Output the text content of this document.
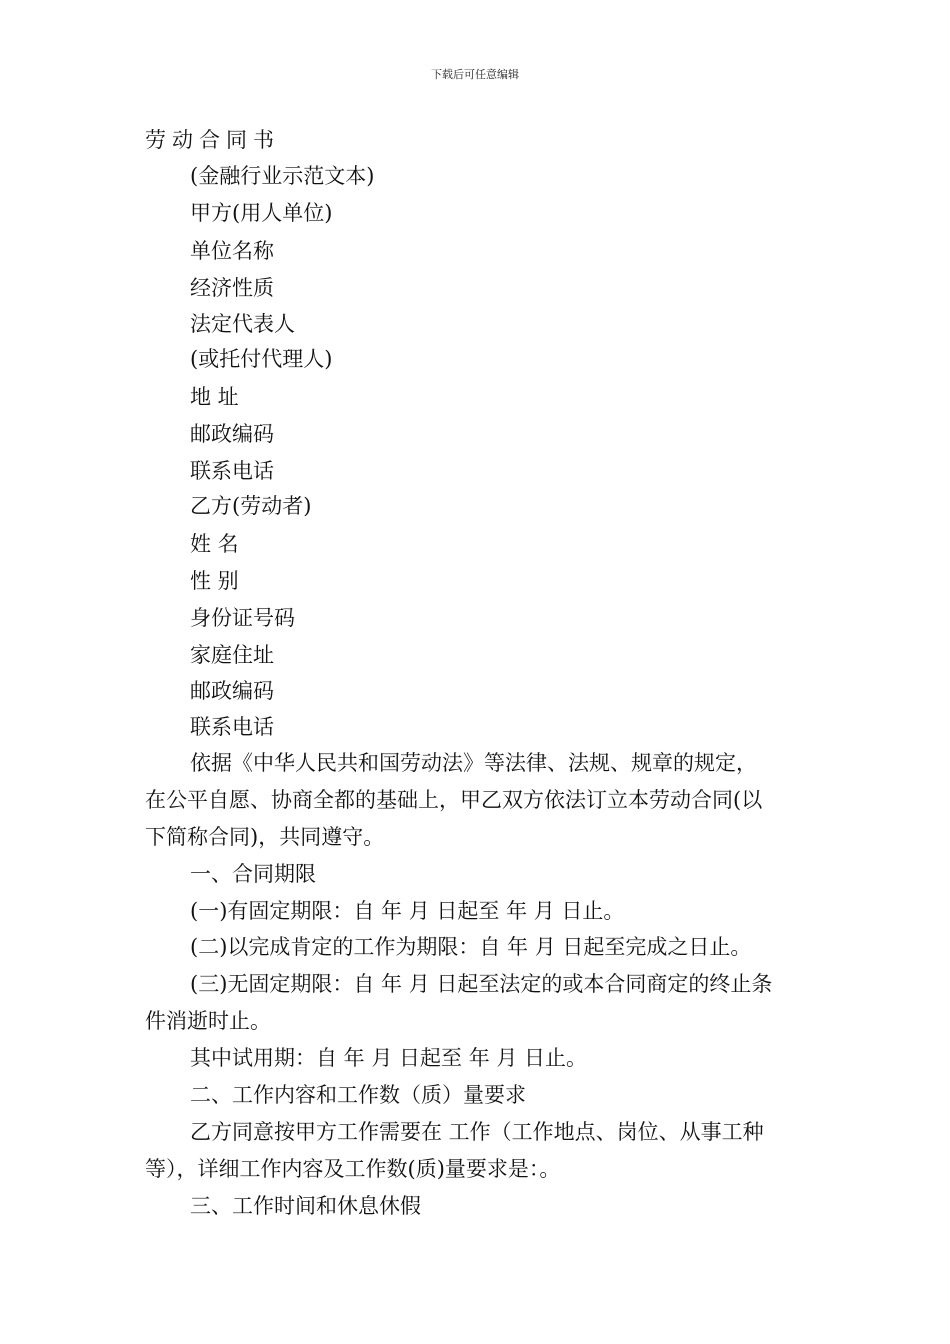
下载后可任意编辑
劳动合同书
(金融行业示范文本)
甲方(用人单位)
单位名称
经济性质
法定代表人
(或托付代理人)
地 址
邮政编码
联系电话
乙方(劳动者)
姓 名
性 别
身份证号码
家庭住址
邮政编码
联系电话
依据《中华人民共和国劳动法》等法律、法规、规章的规定，
在公平自愿、协商全都的基础上，甲乙双方依法订立本劳动合同(以
下简称合同)，共同遵守。
一、合同期限
(一)有固定期限：自 年 月 日起至 年 月 日止。
(二)以完成肯定的工作为期限：自 年 月 日起至完成之日止。
(三)无固定期限：自 年 月 日起至法定的或本合同商定的终止条
件消逝时止。
其中试用期：自 年 月 日起至 年 月 日止。
二、工作内容和工作数（质）量要求
乙方同意按甲方工作需要在 工作（工作地点、岗位、从事工种
等），详细工作内容及工作数(质)量要求是：。
三、工作时间和休息休假
